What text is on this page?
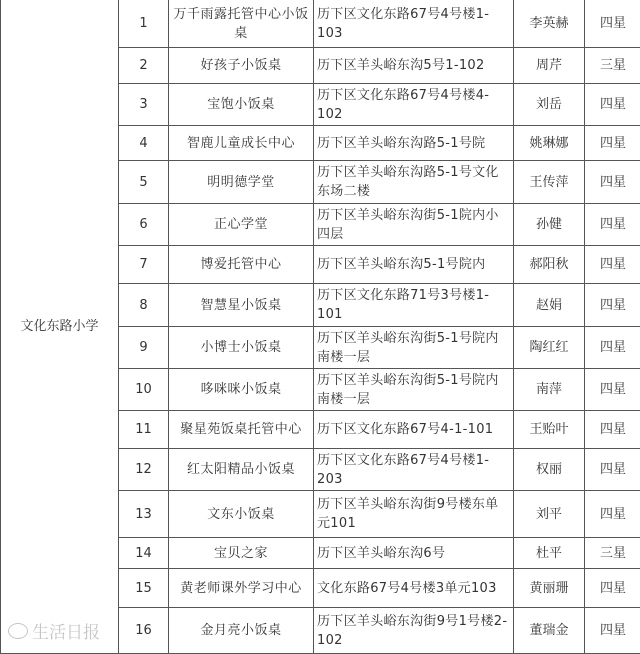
文化东路小学	1	万千雨露托管中心小饭桌	历下区文化东路67号4号楼1-103	李英赫	四星
	2	好孩子小饭桌	历下区羊头峪东沟5号1-102	周芹	三星
	3	宝饱小饭桌	历下区文化东路67号4号楼4-102	刘岳	四星
	4	智鹿儿童成长中心	历下区羊头峪东沟路5-1号院	姚琳娜	四星
	5	明明德学堂	历下区羊头峪东沟路5-1号文化东场二楼	王传萍	四星
	6	正心学堂	历下区羊头峪东沟街5-1院内小四层	孙健	四星
	7	博爱托管中心	历下区羊头峪东沟5-1号院内	郝阳秋	四星
	8	智慧星小饭桌	历下区文化东路71号3号楼1-101	赵娟	四星
	9	小博士小饭桌	历下区羊头峪东沟街5-1号院内南楼一层	陶红红	四星
	10	哆咪咪小饭桌	历下区羊头峪东沟街5-1号院内南楼一层	南萍	四星
	11	聚星苑饭桌托管中心	历下区文化东路67号4-1-101	王贻叶	四星
	12	红太阳精品小饭桌	历下区文化东路67号4号楼1-203	权丽	四星
	13	文东小饭桌	历下区羊头峪东沟街9号楼东单元101	刘平	四星
	14	宝贝之家	历下区羊头峪东沟6号	杜平	三星
	15	黄老师课外学习中心	文化东路67号4号楼3单元103	黄丽珊	四星
	16	金月亮小饭桌	历下区羊头峪东沟街9号1号楼2-102	董瑞金	四星
生活日报
